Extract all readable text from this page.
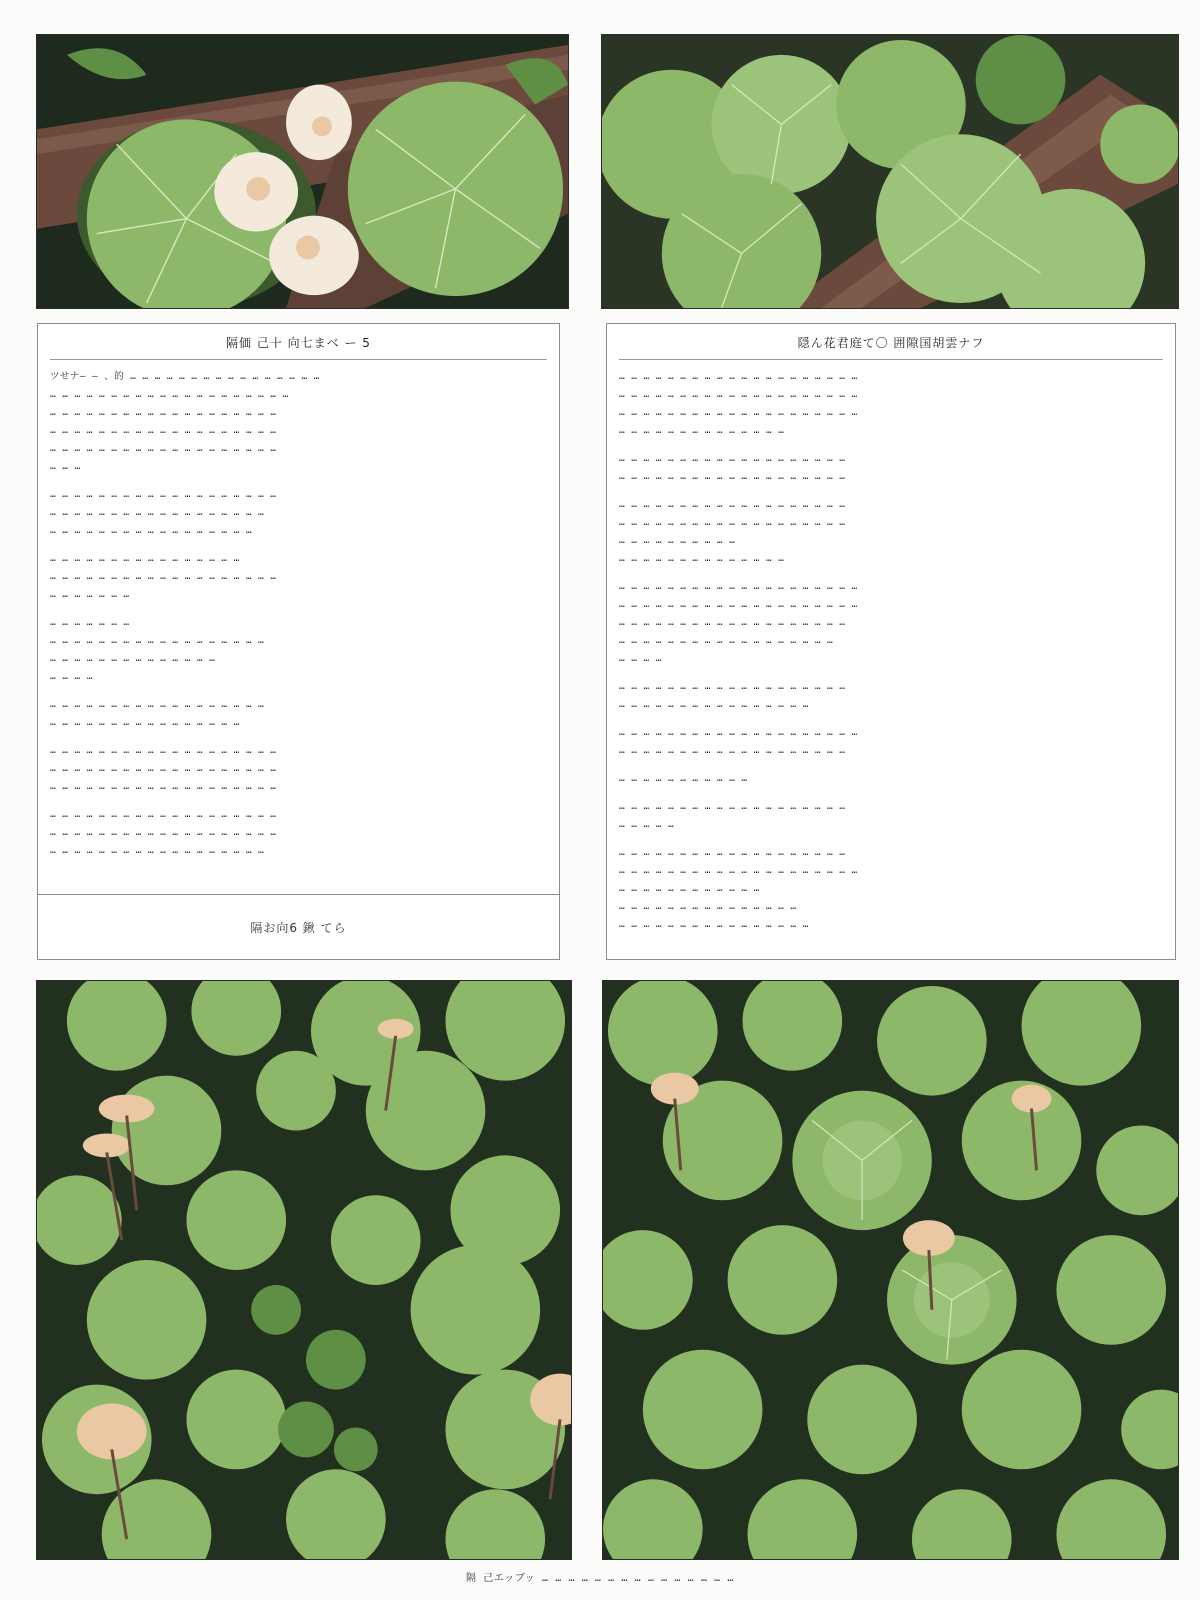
隔価 己〸 向七まベ ー 5
ツせナ— — 、的 … … … … … … … … … … … … … … … …
… … … … … … … … … … … … … … … … … … … …
… … … … … … … … … … … … … … … … … … …
… … … … … … … … … … … … … … … … … … …
… … … … … … … … … … … … … … … … … … …
… … …
… … … … … … … … … … … … … … … … … … …
… … … … … … … … … … … … … … … … … …
… … … … … … … … … … … … … … … … …
… … … … … … … … … … … … … … … …
… … … … … … … … … … … … … … … … … … …
… … … … … … …
… … … … … … …
… … … … … … … … … … … … … … … … … …
… … … … … … … … … … … … … …
… … … …
… … … … … … … … … … … … … … … … … …
… … … … … … … … … … … … … … … …
… … … … … … … … … … … … … … … … … … …
… … … … … … … … … … … … … … … … … … …
… … … … … … … … … … … … … … … … … … …
… … … … … … … … … … … … … … … … … … …
… … … … … … … … … … … … … … … … … … …
… … … … … … … … … … … … … … … … … …
隔お向6 鍬 てら
隠ん花君庭て〇 囲隙国胡雲ナフ
… … … … … … … … … … … … … … … … … … … …
… … … … … … … … … … … … … … … … … … … …
… … … … … … … … … … … … … … … … … … … …
… … … … … … … … … … … … … …
… … … … … … … … … … … … … … … … … … …
… … … … … … … … … … … … … … … … … … …
… … … … … … … … … … … … … … … … … … …
… … … … … … … … … … … … … … … … … … …
… … … … … … … … … …
… … … … … … … … … … … … … …
… … … … … … … … … … … … … … … … … … … …
… … … … … … … … … … … … … … … … … … … …
… … … … … … … … … … … … … … … … … … …
… … … … … … … … … … … … … … … … … …
… … … …
… … … … … … … … … … … … … … … … … … …
… … … … … … … … … … … … … … … …
… … … … … … … … … … … … … … … … … … … …
… … … … … … … … … … … … … … … … … … …
… … … … … … … … … … …
… … … … … … … … … … … … … … … … … … …
… … … … …
… … … … … … … … … … … … … … … … … … …
… … … … … … … … … … … … … … … … … … … …
… … … … … … … … … … … …
… … … … … … … … … … … … … … …
… … … … … … … … … … … … … … … …
隔 己エッブッ … … … … … … … … … … … … … … …
